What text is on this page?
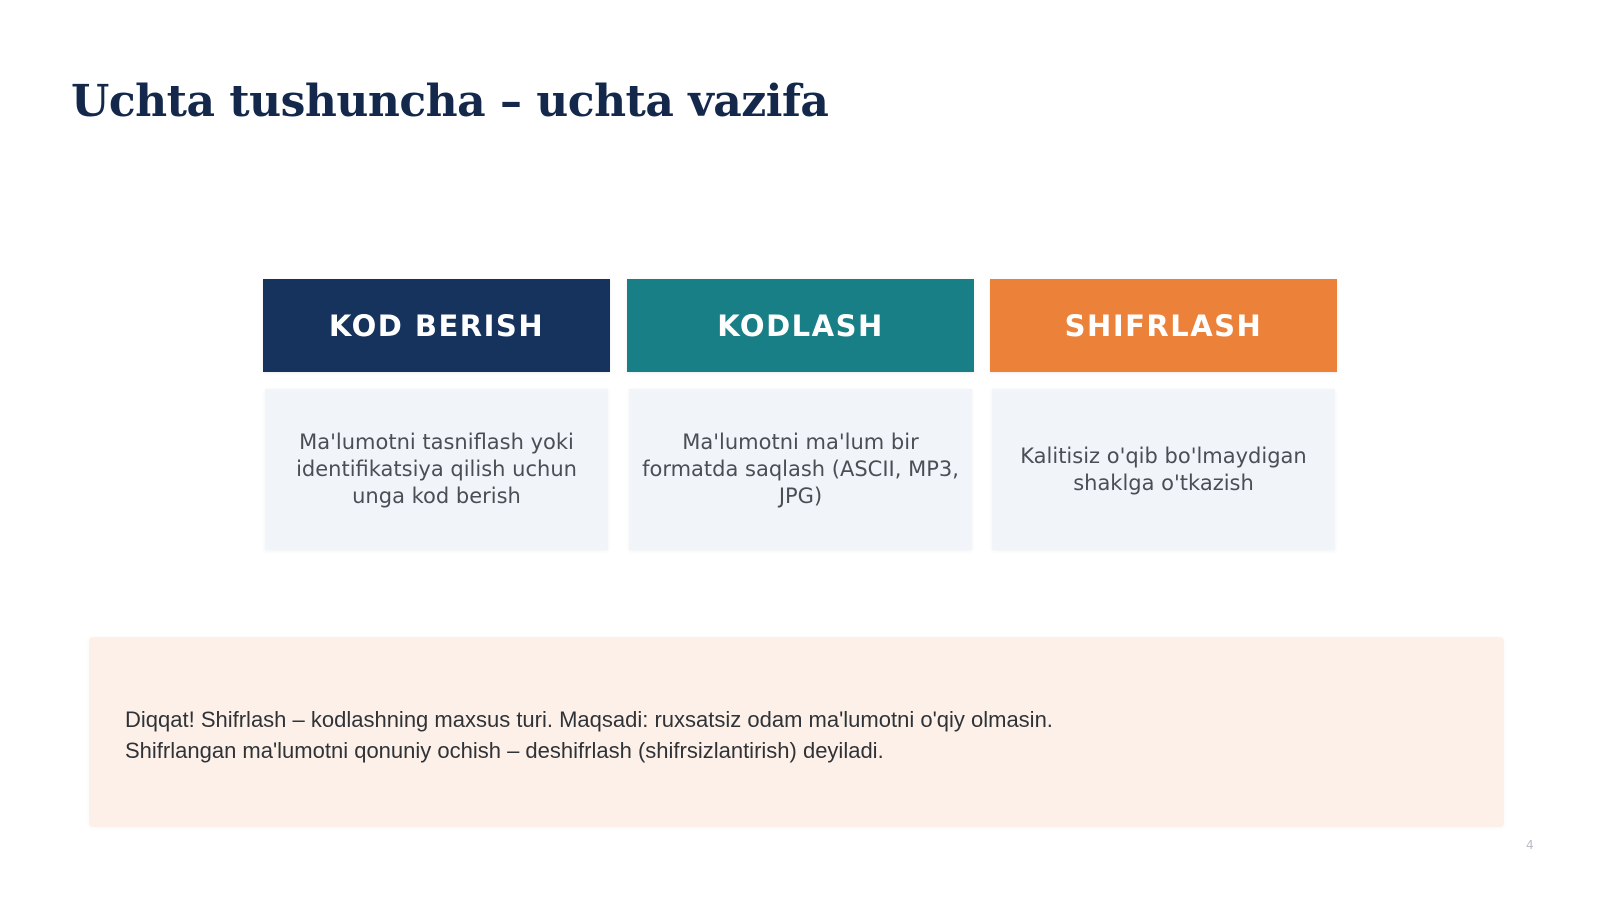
Uchta tushuncha – uchta vazifa
KOD BERISH

Ma'lumotni tasniflash yoki identifikatsiya qilish uchun unga kod berish

KODLASH

Ma'lumotni ma'lum bir formatda saqlash (ASCII, MP3, JPG)

SHIFRLASH

Kalitisiz o'qib bo'lmaydigan shaklga o'tkazish

Diqqat! Shifrlash – kodlashning maxsus turi. Maqsadi: ruxsatsiz odam ma'lumotni o'qiy olmasin.
Shifrlangan ma'lumotni qonuniy ochish – deshifrlash (shifrsizlantirish) deyiladi.

4
